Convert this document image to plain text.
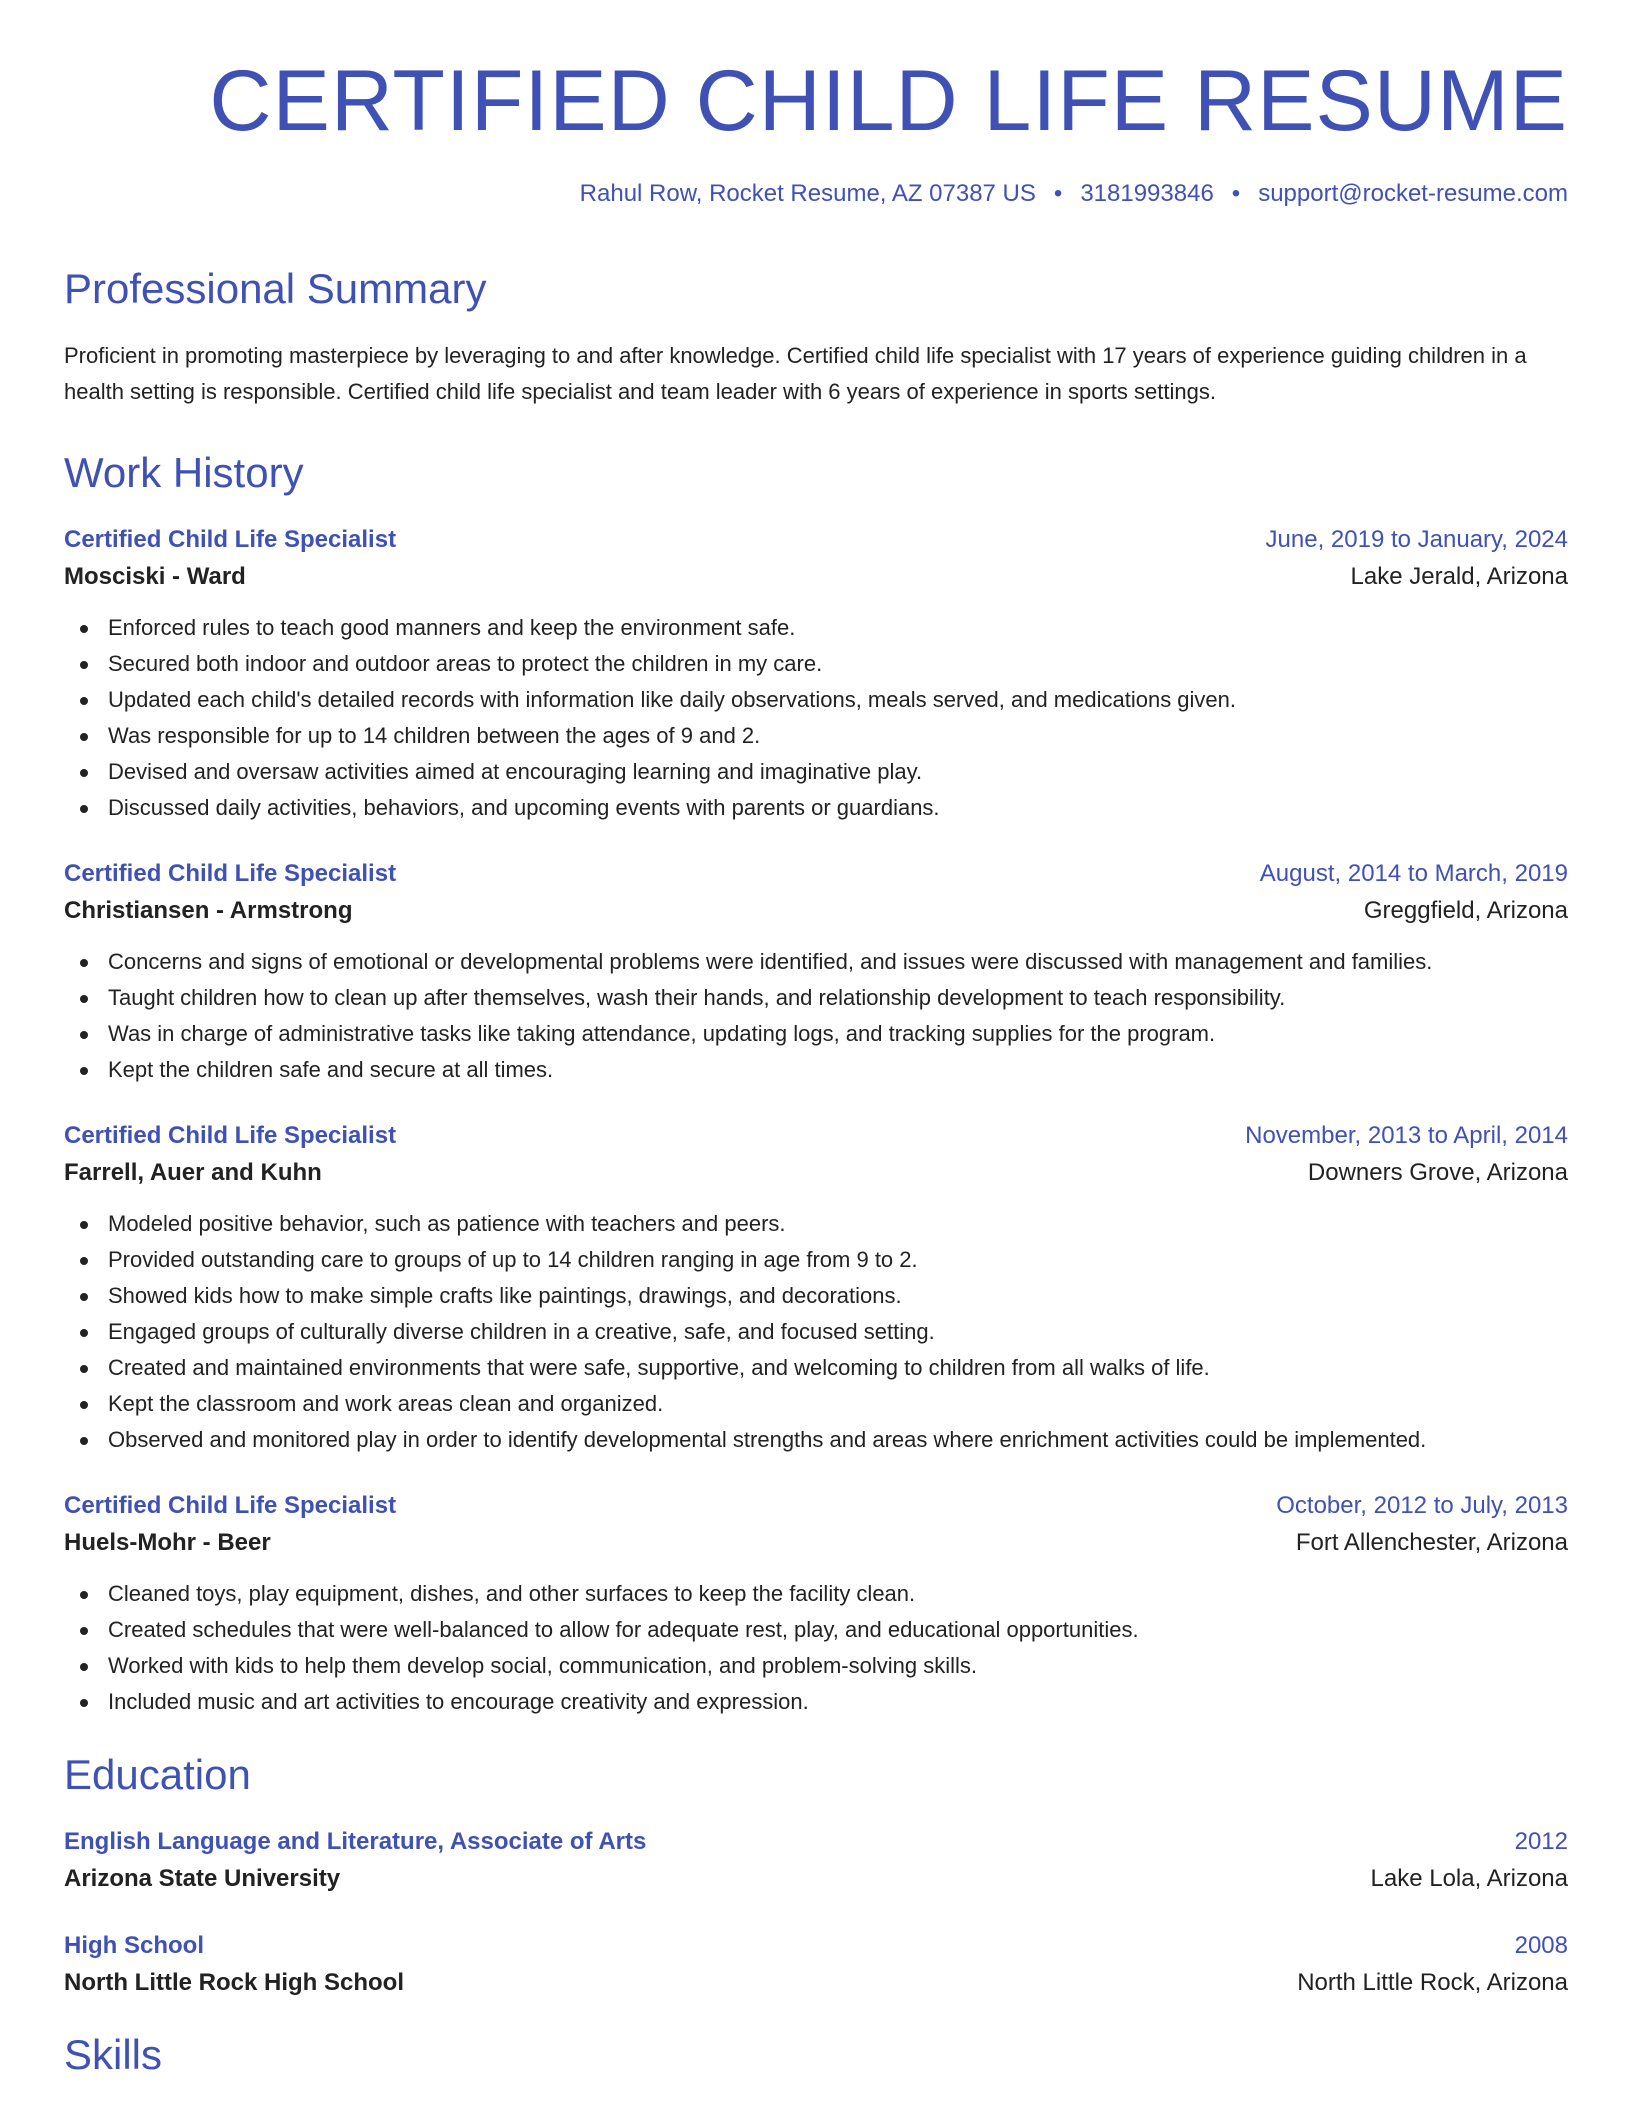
CERTIFIED CHILD LIFE RESUME
Rahul Row, Rocket Resume, AZ 07387 US • 3181993846 • support@rocket-resume.com
Professional Summary

Proficient in promoting masterpiece by leveraging to and after knowledge. Certified child life specialist with 17 years of experience guiding children in a health setting is responsible. Certified child life specialist and team leader with 6 years of experience in sports settings.

Work History
Certified Child Life Specialist	June, 2019 to January, 2024
Mosciski - Ward	Lake Jerald, Arizona
Enforced rules to teach good manners and keep the environment safe.
Secured both indoor and outdoor areas to protect the children in my care.
Updated each child's detailed records with information like daily observations, meals served, and medications given.
Was responsible for up to 14 children between the ages of 9 and 2.
Devised and oversaw activities aimed at encouraging learning and imaginative play.
Discussed daily activities, behaviors, and upcoming events with parents or guardians.
Certified Child Life Specialist	August, 2014 to March, 2019
Christiansen - Armstrong	Greggfield, Arizona
Concerns and signs of emotional or developmental problems were identified, and issues were discussed with management and families.
Taught children how to clean up after themselves, wash their hands, and relationship development to teach responsibility.
Was in charge of administrative tasks like taking attendance, updating logs, and tracking supplies for the program.
Kept the children safe and secure at all times.
Certified Child Life Specialist	November, 2013 to April, 2014
Farrell, Auer and Kuhn	Downers Grove, Arizona
Modeled positive behavior, such as patience with teachers and peers.
Provided outstanding care to groups of up to 14 children ranging in age from 9 to 2.
Showed kids how to make simple crafts like paintings, drawings, and decorations.
Engaged groups of culturally diverse children in a creative, safe, and focused setting.
Created and maintained environments that were safe, supportive, and welcoming to children from all walks of life.
Kept the classroom and work areas clean and organized.
Observed and monitored play in order to identify developmental strengths and areas where enrichment activities could be implemented.
Certified Child Life Specialist	October, 2012 to July, 2013
Huels-Mohr - Beer	Fort Allenchester, Arizona
Cleaned toys, play equipment, dishes, and other surfaces to keep the facility clean.
Created schedules that were well-balanced to allow for adequate rest, play, and educational opportunities.
Worked with kids to help them develop social, communication, and problem-solving skills.
Included music and art activities to encourage creativity and expression.
Education
English Language and Literature, Associate of Arts	2012
Arizona State University	Lake Lola, Arizona
High School	2008
North Little Rock High School	North Little Rock, Arizona
Skills
